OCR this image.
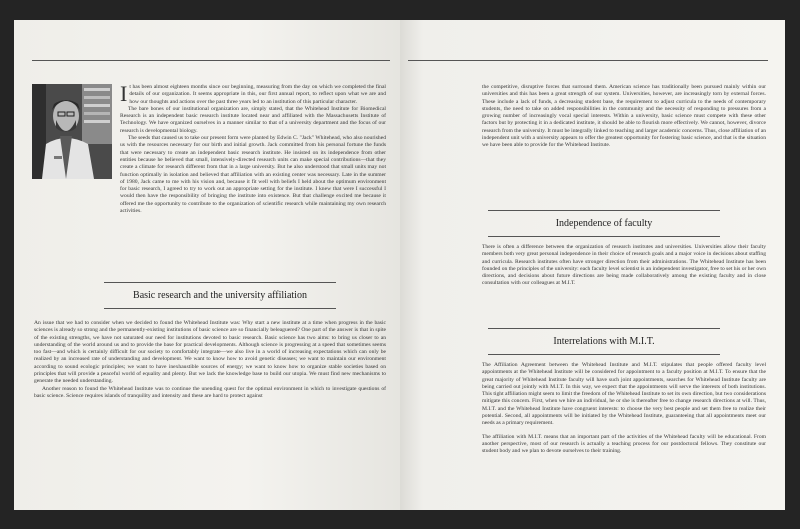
I t has been almost eighteen months since our beginning, measuring from the day on which we completed the final details of our organization. It seems appropriate in this, our first annual report, to reflect upon what we are and how our thoughts and actions over the past three years led to an institution of this particular character.

The bare bones of our institutional organization are, simply stated, that the Whitehead Institute for Biomedical Research is an independent basic research institute located near and affiliated with the Massachusetts Institute of Technology. We have organized ourselves in a manner similar to that of a university department and the focus of our research is developmental biology.

The seeds that caused us to take our present form were planted by Edwin C. "Jack" Whitehead, who also nourished us with the resources necessary for our birth and initial growth. Jack committed from his personal fortune the funds that were necessary to create an independent basic research institute. He insisted on its independence from other entities because he believed that small, intensively-directed research units can make special contributions—that they create a climate for research different from that in a large university. But he also understood that small units may not function optimally in isolation and believed that affiliation with an existing center was necessary. Late in the summer of 1980, Jack came to me with his vision and, because it fit well with beliefs I held about the optimum environment for basic research, I agreed to try to work out an appropriate setting for the institute. I knew that were I successful I would then have the responsibility of bringing the institute into existence. But that challenge excited me because it offered me the opportunity to contribute to the organization of scientific research while maintaining my own research activities.

Basic research and the university affiliation

An issue that we had to consider when we decided to found the Whitehead Institute was: Why start a new institute at a time when progress in the basic sciences is already so strong and the permanently-existing institutions of basic science are so financially beleaguered? One part of the answer is that in spite of the existing strengths, we have not saturated our need for institutions devoted to basic research. Basic science has two aims: to bring us closer to an understanding of the world around us and to provide the base for practical developments. Although science is progressing at a speed that sometimes seems too fast—and which is certainly difficult for our society to comfortably integrate—we also live in a world of increasing expectations which can only be realized by an increased rate of understanding and development. We want to know how to avoid genetic diseases; we want to maintain our environment according to sound ecologic principles; we want to have inexhaustible sources of energy; we want to know how to organize stable societies based on principles that will provide a peaceful world of equality and plenty. But we lack the knowledge base to build our utopia. We must find new mechanisms to generate the needed understanding.

Another reason to found the Whitehead Institute was to continue the unending quest for the optimal environment in which to investigate questions of basic science. Science requires islands of tranquility and intensity and these are hard to protect against

the competitive, disruptive forces that surround them. American science has traditionally been pursued mainly within our universities and this has been a great strength of our system. Universities, however, are increasingly torn by external forces. These include a lack of funds, a decreasing student base, the requirement to adjust curricula to the needs of contemporary students, the need to take on added responsibilities in the community and the necessity of responding to pressures from a growing number of increasingly vocal special interests. Within a university, basic science must compete with these other factors but by protecting it in a dedicated institute, it should be able to flourish more effectively. We cannot, however, divorce research from the university. It must be integrally linked to teaching and larger academic concerns. Thus, close affiliation of an independent unit with a university appears to offer the greatest opportunity for fostering basic science, and that is the situation we have been able to provide for the Whitehead Institute.

Independence of faculty

There is often a difference between the organization of research institutes and universities. Universities allow their faculty members both very great personal independence in their choice of research goals and a major voice in decisions about staffing and curricula. Research institutes often have stronger direction from their administrations. The Whitehead Institute has been founded on the principles of the university: each faculty level scientist is an independent investigator, free to set his or her own directions, and decisions about future directions are being made collaboratively among the existing faculty and in close consultation with our colleagues at M.I.T.

Interrelations with M.I.T.

The Affiliation Agreement between the Whitehead Institute and M.I.T. stipulates that people offered faculty level appointments at the Whitehead Institute will be considered for appointment to a faculty position at M.I.T. To ensure that the great majority of Whitehead Institute faculty will have such joint appointments, searches for Whitehead Institute faculty are being carried out jointly with M.I.T. In this way, we expect that the appointments will serve the interests of both institutions. This tight affiliation might seem to limit the freedom of the Whitehead Institute to set its own direction, but two considerations mitigate this concern. First, when we hire an individual, he or she is thereafter free to change research directions at will. Thus, M.I.T. and the Whitehead Institute have congruent interests: to choose the very best people and set them free to realize their potential. Second, all appointments will be initiated by the Whitehead Institute, guaranteeing that all appointments meet our needs as a primary requirement.

The affiliation with M.I.T. means that an important part of the activities of the Whitehead faculty will be educational. From another perspective, most of our research is actually a teaching process for our postdoctoral fellows. They constitute our student body and we plan to devote ourselves to their training.
